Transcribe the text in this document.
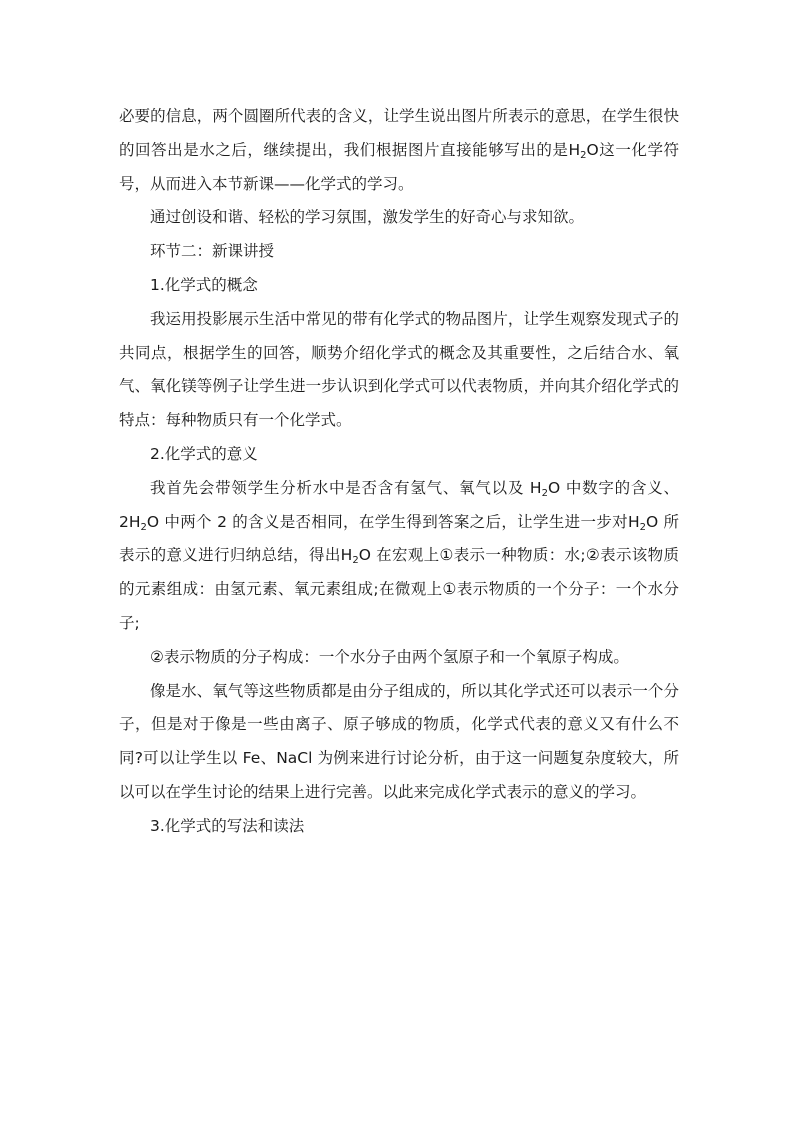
必要的信息，两个圆圈所代表的含义，让学生说出图片所表示的意思，在学生很快的回答出是水之后，继续提出，我们根据图片直接能够写出的是$H_2O$这一化学符号，从而进入本节新课——化学式的学习。

通过创设和谐、轻松的学习氛围，激发学生的好奇心与求知欲。

环节二：新课讲授

1.化学式的概念

我运用投影展示生活中常见的带有化学式的物品图片，让学生观察发现式子的共同点，根据学生的回答，顺势介绍化学式的概念及其重要性，之后结合水、氧气、氧化镁等例子让学生进一步认识到化学式可以代表物质，并向其介绍化学式的特点：每种物质只有一个化学式。

2.化学式的意义

我首先会带领学生分析水中是否含有氢气、氧气以及 $H_2O$ 中数字的含义、$2H_2O$ 中两个 2 的含义是否相同，在学生得到答案之后，让学生进一步对$H_2O$ 所表示的意义进行归纳总结，得出$H_2O$ 在宏观上①表示一种物质：水;②表示该物质的元素组成：由氢元素、氧元素组成;在微观上①表示物质的一个分子：一个水分子;

②表示物质的分子构成：一个水分子由两个氢原子和一个氧原子构成。

像是水、氧气等这些物质都是由分子组成的，所以其化学式还可以表示一个分子，但是对于像是一些由离子、原子够成的物质，化学式代表的意义又有什么不同?可以让学生以 Fe、NaCl 为例来进行讨论分析，由于这一问题复杂度较大，所以可以在学生讨论的结果上进行完善。以此来完成化学式表示的意义的学习。

3.化学式的写法和读法
